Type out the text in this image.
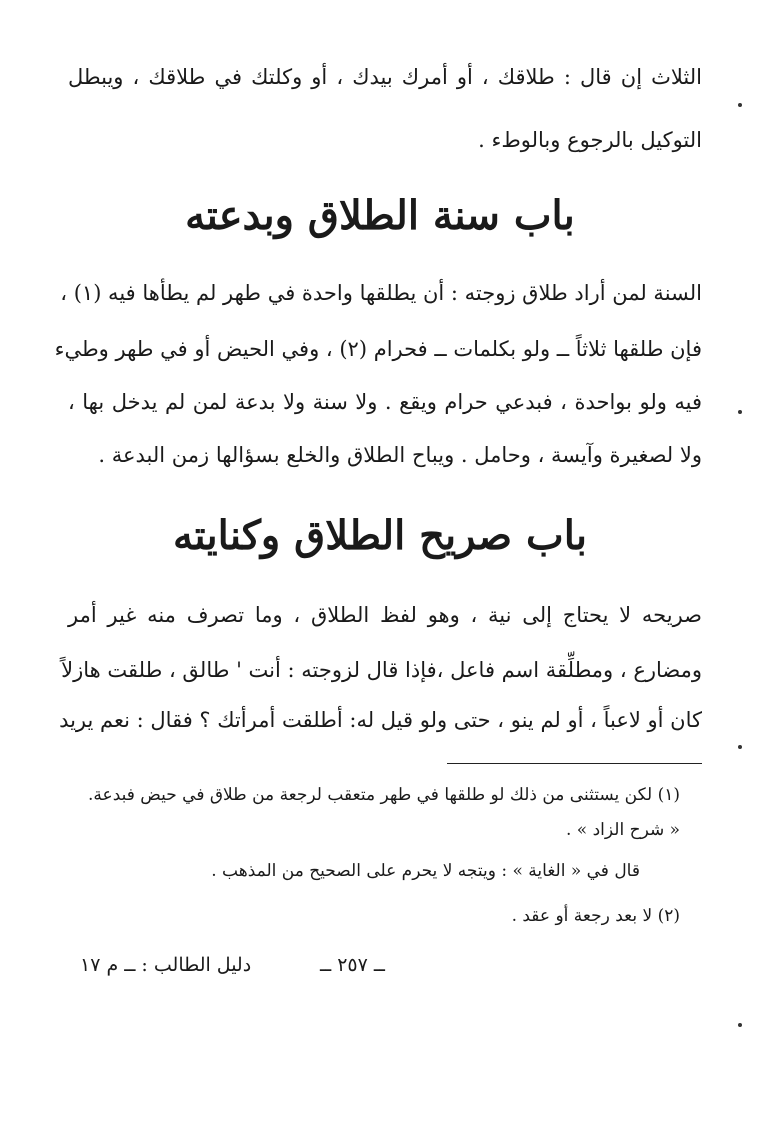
الثلاث إن قال : طلاقك ، أو أمرك بيدك ، أو وكلتك في طلاقك ، ويبطل
التوكيل بالرجوع وبالوطء .
باب سنة الطلاق وبدعته
السنة لمن أراد طلاق زوجته : أن يطلقها واحدة في طهر لم يطأها فيه (١) ،
فإن طلقها ثلاثاً ــ ولو بكلمات ــ فحرام (٢) ، وفي الحيض أو في طهر وطيء
فيه ولو بواحدة ، فبدعي حرام ويقع . ولا سنة ولا بدعة لمن لم يدخل بها ،
ولا لصغيرة وآيسة ، وحامل . ويباح الطلاق والخلع بسؤالها زمن البدعة .
باب صريح الطلاق وكنايته
صريحه لا يحتاج إلى نية ، وهو لفظ الطلاق ، وما تصرف منه غير أمر
ومضارع ، ومطلِّقة اسم فاعل ،فإذا قال لزوجته : أنت ' طالق ، طلقت هازلاً
كان أو لاعباً ، أو لم ينو ، حتى ولو قيل له: أطلقت أمرأتك ؟ فقال : نعم يريد
(١) لكن يستثنى من ذلك لو طلقها في طهر متعقب لرجعة من طلاق في حيض فبدعة.
« شرح الزاد » .
قال في « الغاية » : ويتجه لا يحرم على الصحيح من المذهب .
(٢) لا بعد رجعة أو عقد .
ــ ٢٥٧ ــ
دليل الطالب : ــ م ١٧
